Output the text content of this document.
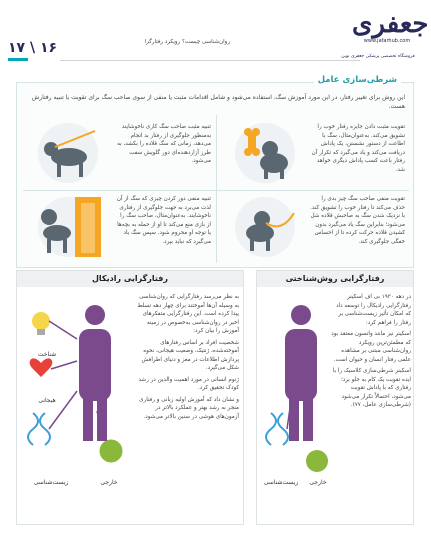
۱۷ \ ۱۶	روان‌شناسی چیست؟ رویکرد رفتارگرا
جعفری
www.jafarhub.com
فروشگاه تخصصی پزشکی جعفری نوین
شرطی‌سازی عامل
این روش برای تغییر رفتار، در این مورد آموزش سگ، استفاده می‌شود و شامل اقدامات مثبت یا منفی از سوی صاحب سگ برای تقویت یا تنبیه رفتارش هست.
تقویت مثبت دادن جایزه رفتار خوب را تشویق می‌کند. به‌عنوان‌مثال، سگ با اطاعت از دستور نشستن، یک پاداش دریافت می‌کند و یاد می‌گیرد که تکرار آن رفتار باعث کسب پاداش دیگری خواهد شد.
تنبیه مثبت صاحب سگ کاری ناخوشایند به‌منظور جلوگیری از رفتار بد انجام می‌دهد، زمانی که سگ قلاده را بکشد، به طرز آزاردهنده‌ای دور گلویش سفت می‌شود.
تقویت منفی صاحب سگ چیز بدی را حذف می‌کند تا رفتار خوب را تشویق کند. با نزدیک شدن سگ به صاحبش قلاده شل می‌شود؛ بنابراین سگ یاد می‌گیرد بدون کشیدن قلاده حرکت کرده تا از احساس خفگی جلوگیری کند.
تنبیه منفی دور کردن چیزی که سگ از آن لذت می‌برد به جهت جلوگیری از رفتاری ناخوشایند. به‌عنوان‌مثال، صاحب سگ را از بازی منع می‌کند تا او از حمله به بچه‌ها یا توجه او محروم شود. سپس سگ یاد می‌گیرد که نباید بپرد.
رفتارگرایی رادیکال

به نظر می‌رسد رفتارگرایی که روان‌شناسی به وسیله آن‌ها آموختند برای چهار دهه تسلط پیدا کرده است. این رفتارگرایی متفکرهای اخیر در روان‌شناسی به‌خصوص در زمینه آموزش را بیان کرد:

شخصیت افراد بر اساس رفتارهای آموخته‌شده، ژنتیک، وضعیت هیجانی، نحوه پردازش اطلاعات در مغز و دنیای اطرافش شکل می‌گیرد.

ژنوم انسانی در مورد اهمیت والدین در رشد کودک تحقیق کرد.

و نشان داد که آموزش اولیه زبانی و رفتاری منجر به رشد بهتر و عملکرد بالاتر در آزمون‌های هوشی در سنین بالاتر می‌شود.

شناخت
هیجانی
زیست‌شناسی	خارجی
رفتارگرایی روش‌شناختی

در دهه ۱۹۳۰ بی اف اسکینر رفتارگرایی رادیکال را توسعه داد که امکان تأثیر زیست‌شناسی بر رفتار را فراهم کرد:

اسکینر نیز مانند واتسون معتقد بود که مطمئن‌ترین رویکرد روان‌شناسی مبتنی بر مشاهده علمی رفتار انسان و حیوان است.

اسکینر شرطی‌سازی کلاسیک را با ایده تقویت یک کام به جلو برد؛ رفتاری که با پاداش تقویت می‌شود، احتمالاً تکرار می‌شود (شرطی‌سازی عامل، ۷۷).

زیست‌شناسی	خارجی
